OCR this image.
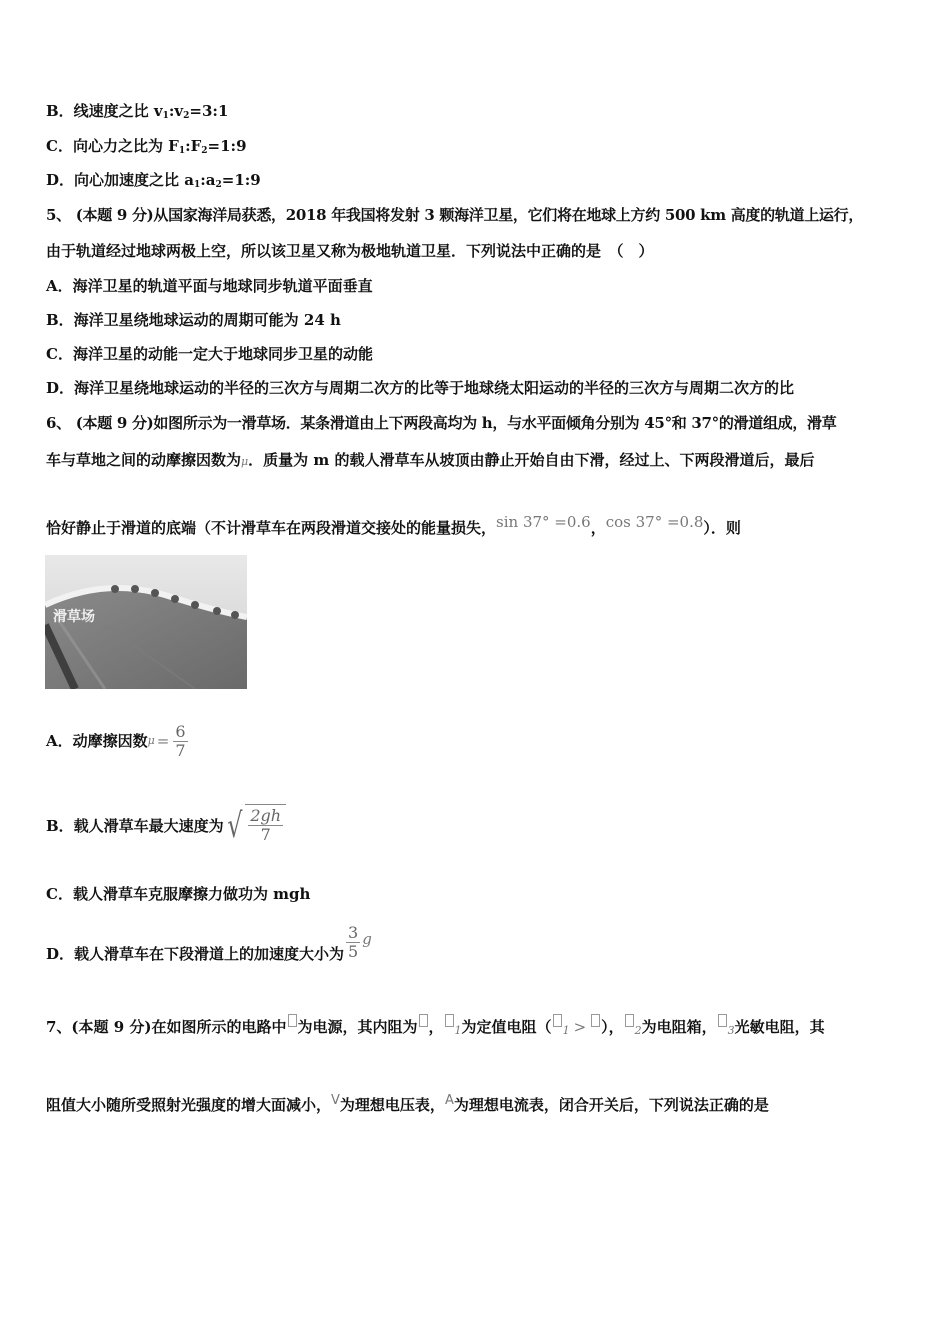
B．线速度之比 $v_1:v_2=3:1$
C．向心力之比为 $F_1:F_2=1:9$
D．向心加速度之比 $a_1:a_2=1:9$
5、 (本题 9 分)从国家海洋局获悉，2018 年我国将发射 3 颗海洋卫星，它们将在地球上方约 500 km 高度的轨道上运行，
由于轨道经过地球两极上空，所以该卫星又称为极地轨道卫星．下列说法中正确的是　（　）
A．海洋卫星的轨道平面与地球同步轨道平面垂直
B．海洋卫星绕地球运动的周期可能为 24 h
C．海洋卫星的动能一定大于地球同步卫星的动能
D．海洋卫星绕地球运动的半径的三次方与周期二次方的比等于地球绕太阳运动的半径的三次方与周期二次方的比
6、 (本题 9 分)如图所示为一滑草场．某条滑道由上下两段高均为 h，与水平面倾角分别为 45°和 37°的滑道组成，滑草
车与草地之间的动摩擦因数为μ．质量为 m 的载人滑草车从坡顶由静止开始自由下滑，经过上、下两段滑道后，最后
恰好静止于滑道的底端（不计滑草车在两段滑道交接处的能量损失，sin 37° =0.6，cos 37° =0.8）．则
滑草场
A．动摩擦因数 $\mu = \frac{6}{7}$
B．载人滑草车最大速度为 √ 2gh
7
C．载人滑草车克服摩擦力做功为 mgh
D．载人滑草车在下段滑道上的加速度大小为 $\frac{3}{5}$ g
7、(本题 9 分)在如图所示的电路中 为电源，其内阻为 ， $_1$为定值电阻（ $_1$ > ）， $_2$为电阻箱， $_3$光敏电阻，其
阻值大小随所受照射光强度的增大面减小，V为理想电压表，A为理想电流表，闭合开关后，下列说法正确的是
